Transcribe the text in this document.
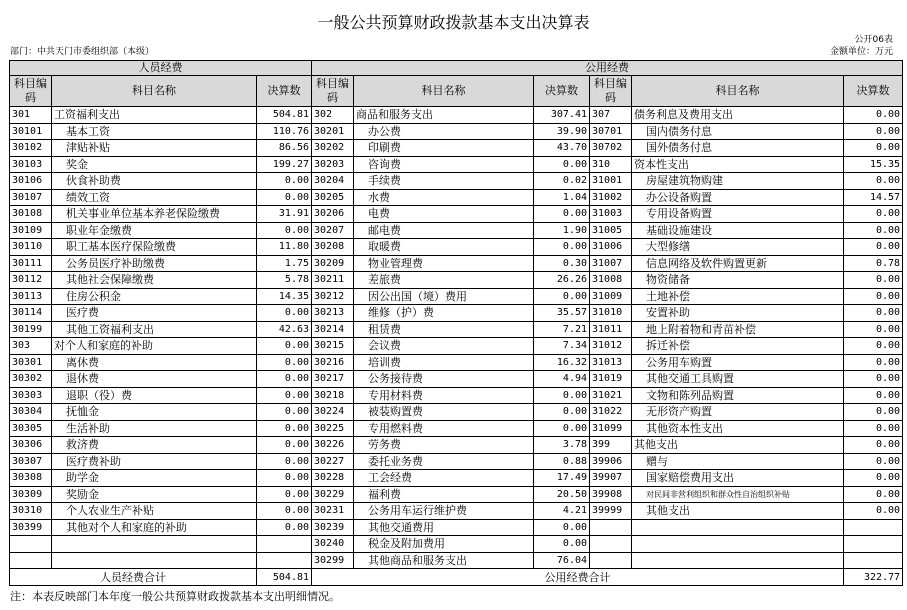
一般公共预算财政拨款基本支出决算表
公开06表
部门：中共天门市委组织部（本级）	金额单位：万元
人员经费			公用经费					
科目编码	科目名称	决算数	科目编码	科目名称	决算数	科目编码	科目名称	决算数
301	工资福利支出	504.81	302	商品和服务支出	307.41	307	债务利息及费用支出	0.00
30101	基本工资	110.76	30201	办公费	39.90	30701	国内债务付息	0.00
30102	津贴补贴	86.56	30202	印刷费	43.70	30702	国外债务付息	0.00
30103	奖金	199.27	30203	咨询费	0.00	310	资本性支出	15.35
30106	伙食补助费	0.00	30204	手续费	0.02	31001	房屋建筑物购建	0.00
30107	绩效工资	0.00	30205	水费	1.04	31002	办公设备购置	14.57
30108	机关事业单位基本养老保险缴费	31.91	30206	电费	0.00	31003	专用设备购置	0.00
30109	职业年金缴费	0.00	30207	邮电费	1.90	31005	基础设施建设	0.00
30110	职工基本医疗保险缴费	11.80	30208	取暖费	0.00	31006	大型修缮	0.00
30111	公务员医疗补助缴费	1.75	30209	物业管理费	0.30	31007	信息网络及软件购置更新	0.78
30112	其他社会保障缴费	5.78	30211	差旅费	26.26	31008	物资储备	0.00
30113	住房公积金	14.35	30212	因公出国（境）费用	0.00	31009	土地补偿	0.00
30114	医疗费	0.00	30213	维修（护）费	35.57	31010	安置补助	0.00
30199	其他工资福利支出	42.63	30214	租赁费	7.21	31011	地上附着物和青苗补偿	0.00
303	对个人和家庭的补助	0.00	30215	会议费	7.34	31012	拆迁补偿	0.00
30301	离休费	0.00	30216	培训费	16.32	31013	公务用车购置	0.00
30302	退休费	0.00	30217	公务接待费	4.94	31019	其他交通工具购置	0.00
30303	退职（役）费	0.00	30218	专用材料费	0.00	31021	文物和陈列品购置	0.00
30304	抚恤金	0.00	30224	被装购置费	0.00	31022	无形资产购置	0.00
30305	生活补助	0.00	30225	专用燃料费	0.00	31099	其他资本性支出	0.00
30306	救济费	0.00	30226	劳务费	3.78	399	其他支出	0.00
30307	医疗费补助	0.00	30227	委托业务费	0.88	39906	赠与	0.00
30308	助学金	0.00	30228	工会经费	17.49	39907	国家赔偿费用支出	0.00
30309	奖励金	0.00	30229	福利费	20.50	39908	对民间非营利组织和群众性自治组织补贴	0.00
30310	个人农业生产补贴	0.00	30231	公务用车运行维护费	4.21	39999	其他支出	0.00
30399	其他对个人和家庭的补助	0.00	30239	其他交通费用	0.00			
			30240	税金及附加费用	0.00			
			30299	其他商品和服务支出	76.04			
人员经费合计		504.81	公用经费合计					322.77
注：本表反映部门本年度一般公共预算财政拨款基本支出明细情况。
